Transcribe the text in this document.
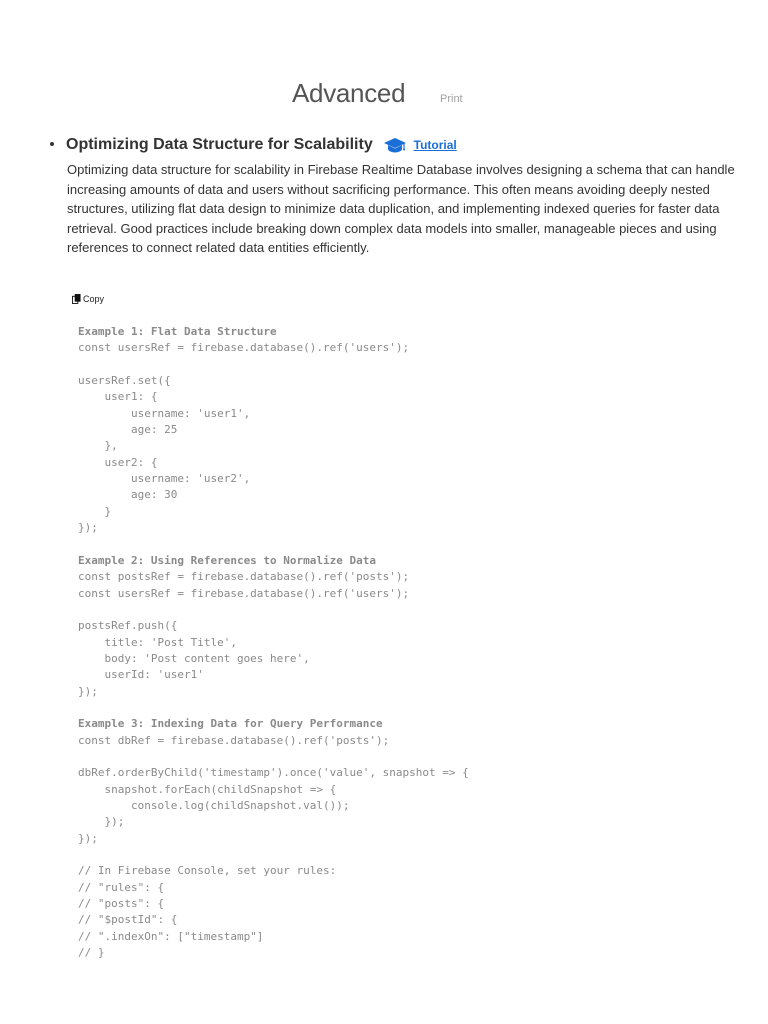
Advanced	Print
Optimizing Data Structure for Scalability	Tutorial

Optimizing data structure for scalability in Firebase Realtime Database involves designing a schema that can handle increasing amounts of data and users without sacrificing performance. This often means avoiding deeply nested structures, utilizing flat data design to minimize data duplication, and implementing indexed queries for faster data retrieval. Good practices include breaking down complex data models into smaller, manageable pieces and using references to connect related data entities efficiently.

Copy
Example 1: Flat Data Structure
const usersRef = firebase.database().ref('users');
usersRef.set({
user1: {
username: 'user1',
age: 25
},
user2: {
username: 'user2',
age: 30
}
});
Example 2: Using References to Normalize Data
const postsRef = firebase.database().ref('posts');
const usersRef = firebase.database().ref('users');
postsRef.push({
title: 'Post Title',
body: 'Post content goes here',
userId: 'user1'
});
Example 3: Indexing Data for Query Performance
const dbRef = firebase.database().ref('posts');
dbRef.orderByChild('timestamp').once('value', snapshot => {
snapshot.forEach(childSnapshot => {
console.log(childSnapshot.val());
});
});
// In Firebase Console, set your rules:
// "rules": {
// "posts": {
// "$postId": {
// ".indexOn": ["timestamp"]
// }
